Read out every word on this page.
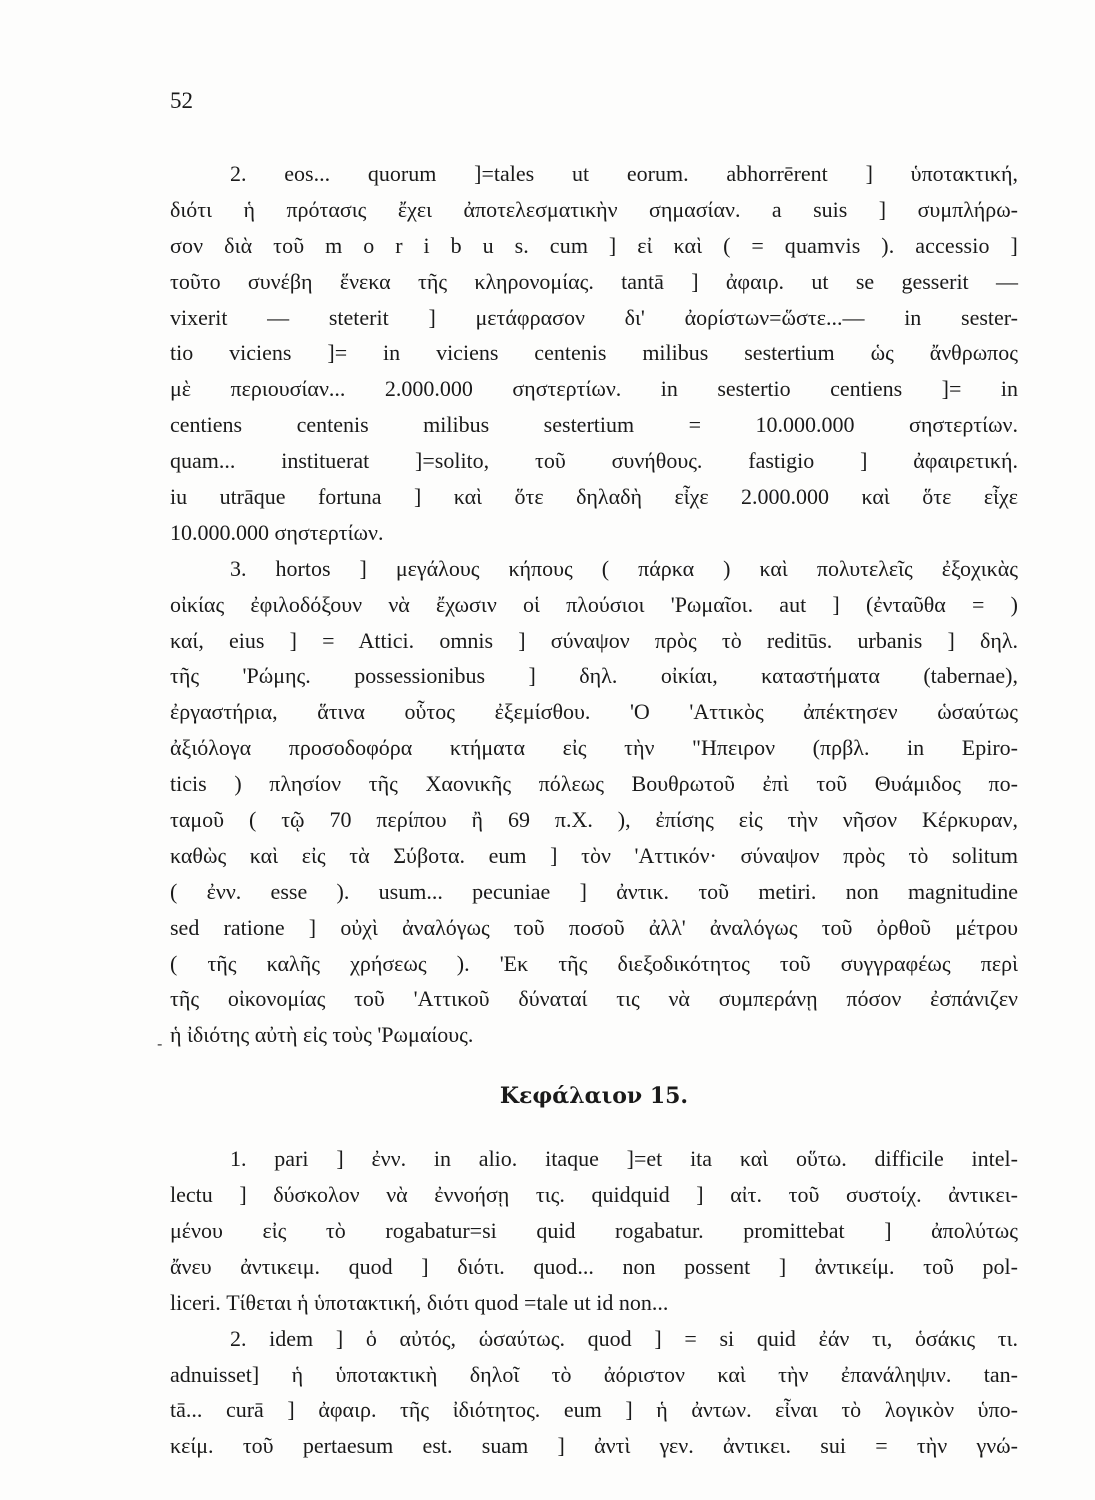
52
-
2. eos... quorum ]=tales ut eorum. abhorrērent ] ὑποτακτική,
διότι ἡ πρότασις ἔχει ἀποτελεσματικὴν σημασίαν. a suis ] συμπλήρω-
σον διὰ τοῦ m o r i b u s. cum ] εἰ καὶ ( = quamvis ). accessio ]
τοῦτο συνέβη ἕνεκα τῆς κληρονομίας. tantā ] ἀφαιρ. ut se gesserit —
vixerit — steterit ] μετάφρασον δι' ἀορίστων=ὥστε...— in sester-
tio viciens ]= in viciens centenis milibus sestertium ὡς ἄνθρωπος
μὲ περιουσίαν... 2.000.000 σηστερτίων. in sestertio centiens ]= in
centiens centenis milibus sestertium = 10.000.000 σηστερτίων.
quam... instituerat ]=solito, τοῦ συνήθους. fastigio ] ἀφαιρετική.
iu utrāque fortuna ] καὶ ὅτε δηλαδὴ εἶχε 2.000.000 καὶ ὅτε εἶχε
10.000.000 σηστερτίων.
3. hortos ] μεγάλους κήπους ( πάρκα ) καὶ πολυτελεῖς ἐξοχικὰς
οἰκίας ἐφιλοδόξουν νὰ ἔχωσιν οἱ πλούσιοι 'Ρωμαῖοι. aut ] (ἐνταῦθα = )
καί, eius ] = Attici. omnis ] σύναψον πρὸς τὸ reditūs. urbanis ] δηλ.
τῆς 'Ρώμης. possessionibus ] δηλ. οἰκίαι, καταστήματα (tabernae),
ἐργαστήρια, ἅτινα οὗτος ἐξεμίσθου. 'Ο 'Αττικὸς ἀπέκτησεν ὡσαύτως
ἀξιόλογα προσοδοφόρα κτήματα εἰς τὴν "Ηπειρον (πρβλ. in Epiro-
ticis ) πλησίον τῆς Χαονικῆς πόλεως Βουθρωτοῦ ἐπὶ τοῦ Θυάμιδος πο-
ταμοῦ ( τῷ 70 περίπου ἢ 69 π.Χ. ), ἐπίσης εἰς τὴν νῆσον Κέρκυραν,
καθὼς καὶ εἰς τὰ Σύβοτα. eum ] τὸν 'Αττικόν· σύναψον πρὸς τὸ solitum
( ἐνν. esse ). usum... pecuniae ] ἀντικ. τοῦ metiri. non magnitudine
sed ratione ] οὐχὶ ἀναλόγως τοῦ ποσοῦ ἀλλ' ἀναλόγως τοῦ ὀρθοῦ μέτρου
( τῆς καλῆς χρήσεως ). 'Εκ τῆς διεξοδικότητος τοῦ συγγραφέως περὶ
τῆς οἰκονομίας τοῦ 'Αττικοῦ δύναταί τις νὰ συμπεράνῃ πόσον ἐσπάνιζεν
ἡ ἰδιότης αὐτὴ εἰς τοὺς 'Ρωμαίους.
Κεφάλαιον 15.
1. pari ] ἐνν. in alio. itaque ]=et ita καὶ οὕτω. difficile intel-
lectu ] δύσκολον νὰ ἐννοήσῃ τις. quidquid ] αἰτ. τοῦ συστοίχ. ἀντικει-
μένου εἰς τὸ rogabatur=si quid rogabatur. promittebat ] ἀπολύτως
ἄνευ ἀντικειμ. quod ] διότι. quod... non possent ] ἀντικείμ. τοῦ pol-
liceri. Τίθεται ἡ ὑποτακτική, διότι quod =tale ut id non...
2. idem ] ὁ αὐτός, ὡσαύτως. quod ] = si quid ἐάν τι, ὁσάκις τι.
adnuisset] ἡ ὑποτακτικὴ δηλοῖ τὸ ἀόριστον καὶ τὴν ἐπανάληψιν. tan-
tā... curā ] ἀφαιρ. τῆς ἰδιότητος. eum ] ἡ ἀντων. εἶναι τὸ λογικὸν ὑπο-
κείμ. τοῦ pertaesum est. suam ] ἀντὶ γεν. ἀντικει. sui = τὴν γνώ-
